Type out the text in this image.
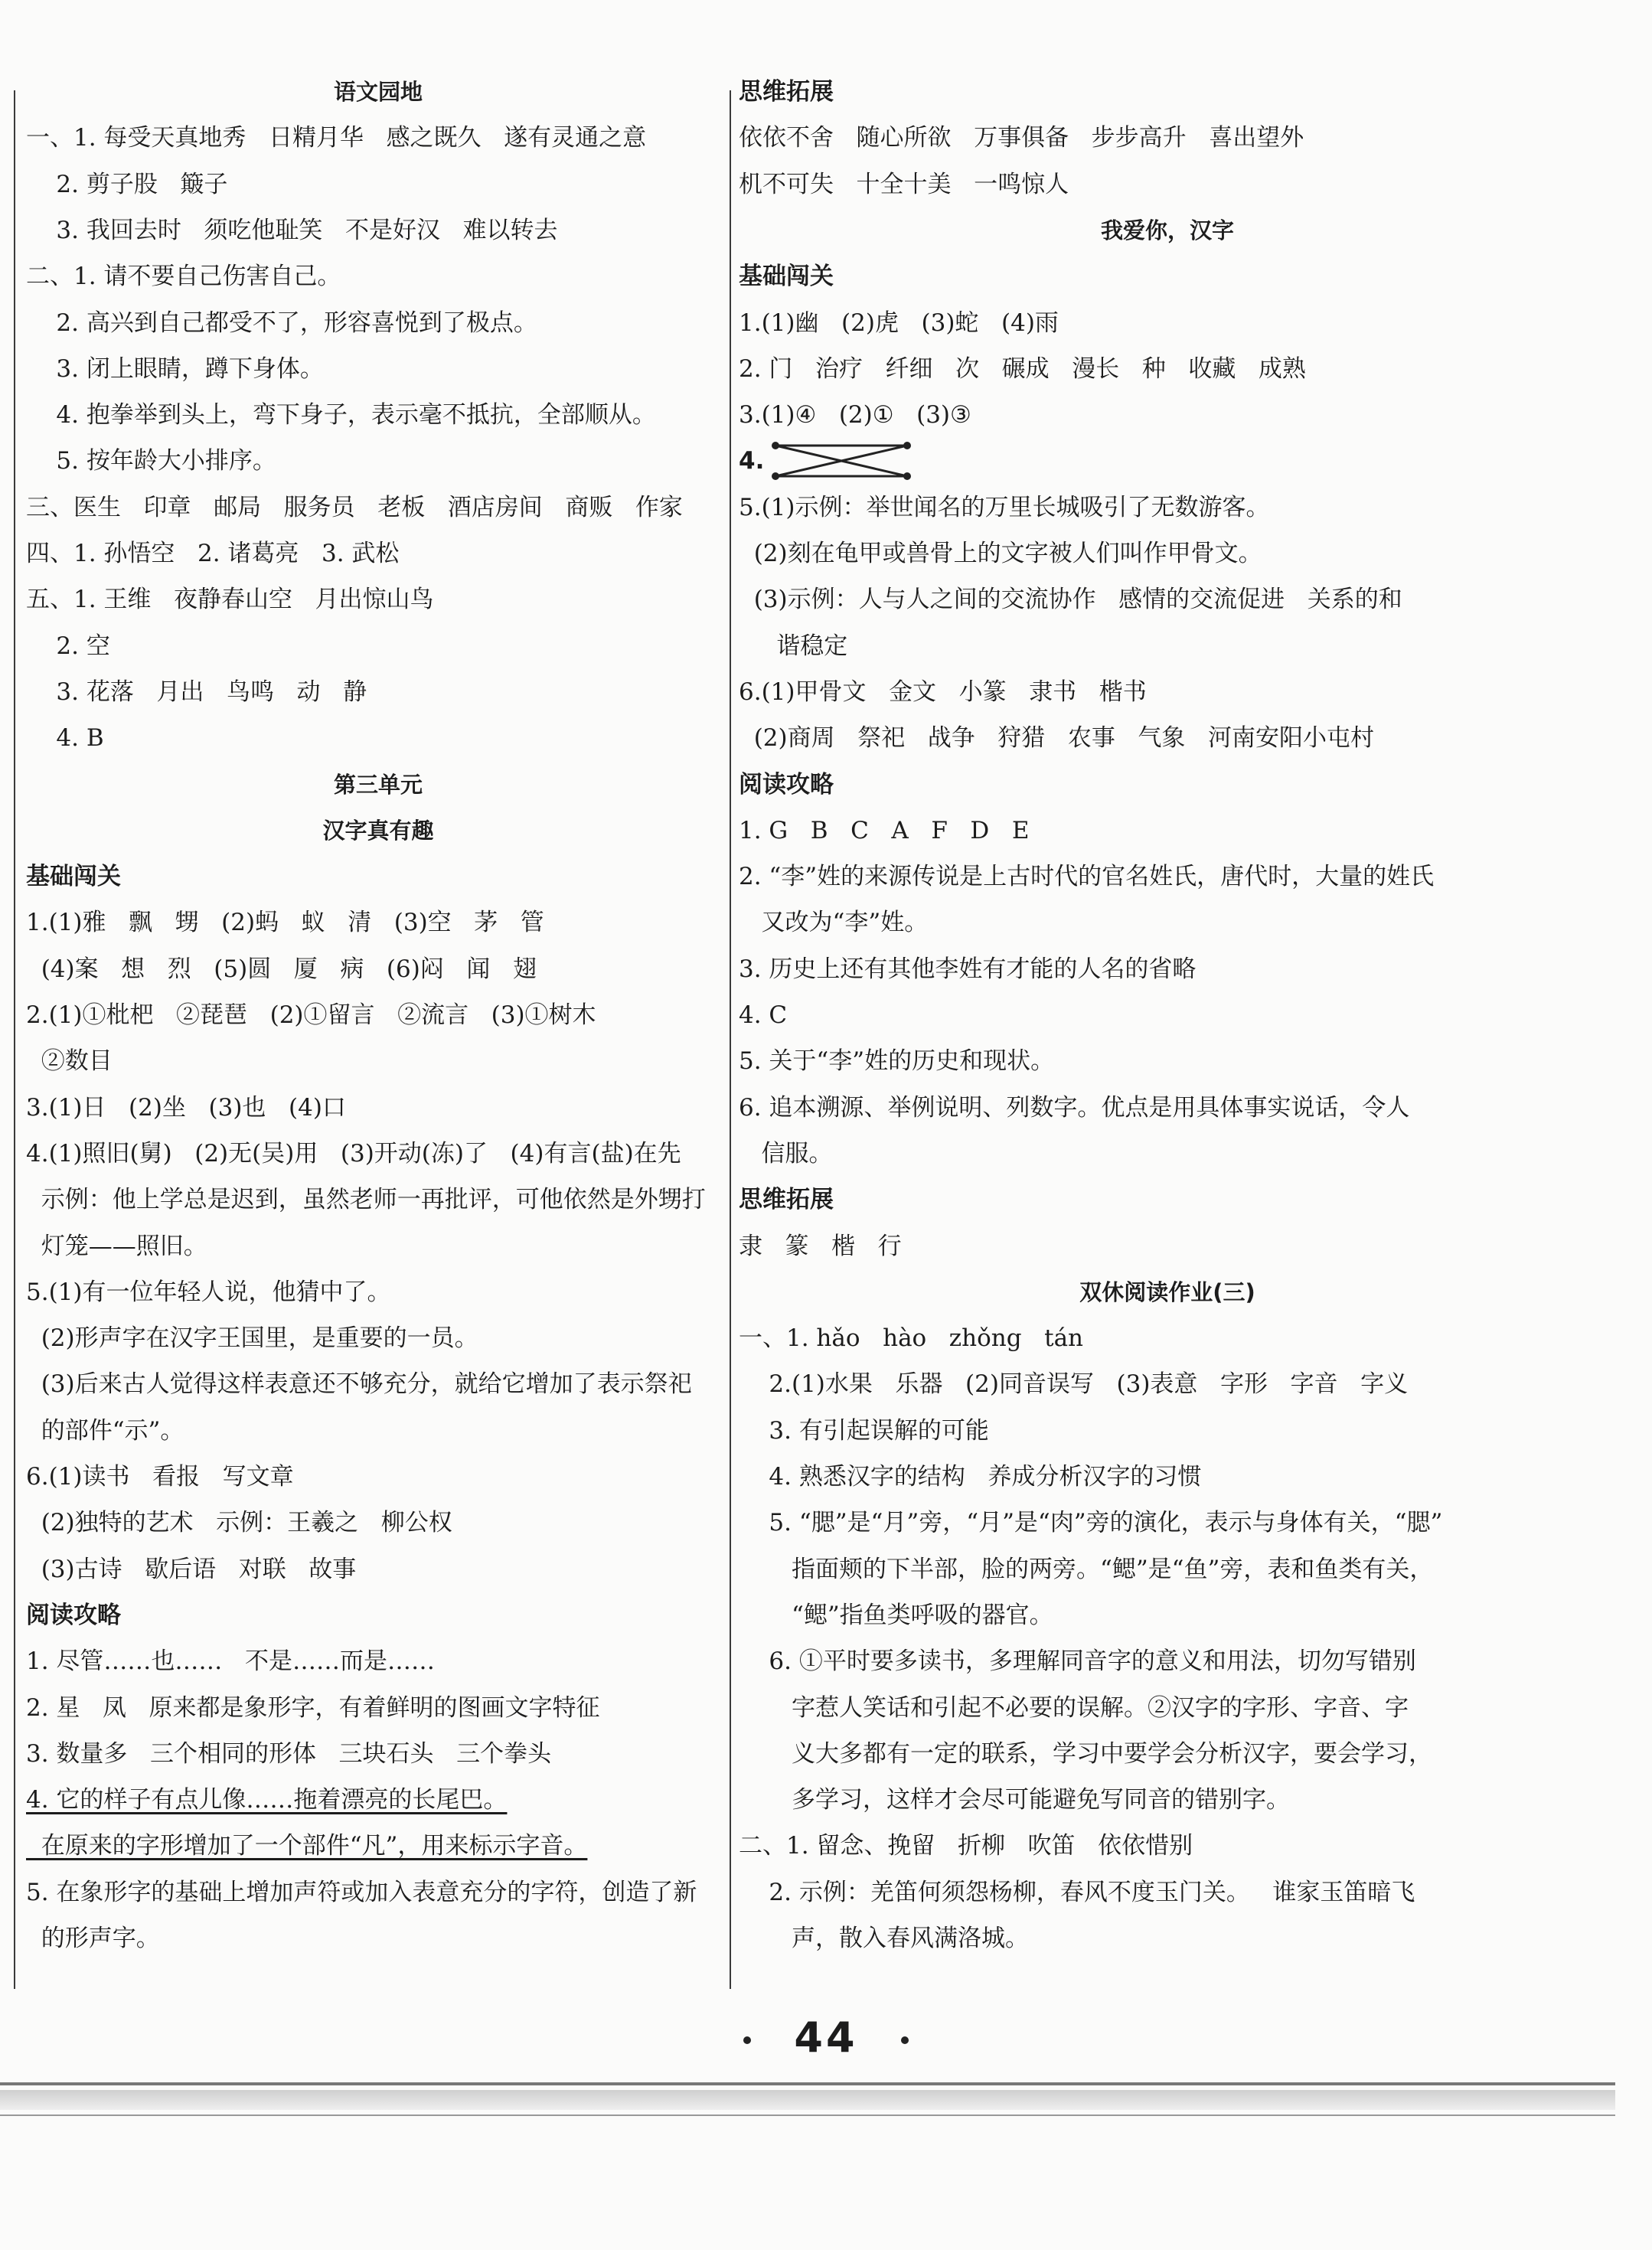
语文园地
一、1. 每受天真地秀   日精月华   感之既久   遂有灵通之意
2. 剪子股   簸子
3. 我回去时   须吃他耻笑   不是好汉   难以转去
二、1. 请不要自己伤害自己。
2. 高兴到自己都受不了，形容喜悦到了极点。
3. 闭上眼睛，蹲下身体。
4. 抱拳举到头上，弯下身子，表示毫不抵抗，全部顺从。
5. 按年龄大小排序。
三、医生   印章   邮局   服务员   老板   酒店房间   商贩   作家
四、1. 孙悟空   2. 诸葛亮   3. 武松
五、1. 王维   夜静春山空   月出惊山鸟
2. 空
3. 花落   月出   鸟鸣   动   静
4. B
第三单元
汉字真有趣
基础闯关
1.(1)雅   飘   甥   (2)蚂   蚁   清   (3)空   茅   管
(4)案   想   烈   (5)圆   厦   病   (6)闷   闻   翅
2.(1)①枇杷   ②琵琶   (2)①留言   ②流言   (3)①树木
②数目
3.(1)日   (2)坐   (3)也   (4)口
4.(1)照旧(舅)   (2)无(吴)用   (3)开动(冻)了   (4)有言(盐)在先
示例：他上学总是迟到，虽然老师一再批评，可他依然是外甥打
灯笼——照旧。
5.(1)有一位年轻人说，他猜中了。
(2)形声字在汉字王国里，是重要的一员。
(3)后来古人觉得这样表意还不够充分，就给它增加了表示祭祀
的部件“示”。
6.(1)读书   看报   写文章
(2)独特的艺术   示例：王羲之   柳公权
(3)古诗   歇后语   对联   故事
阅读攻略
1. 尽管……也……   不是……而是……
2. 星   凤   原来都是象形字，有着鲜明的图画文字特征
3. 数量多   三个相同的形体   三块石头   三个拳头
4. 它的样子有点儿像……拖着漂亮的长尾巴。
在原来的字形增加了一个部件“凡”，用来标示字音。
5. 在象形字的基础上增加声符或加入表意充分的字符，创造了新
的形声字。
思维拓展
依依不舍   随心所欲   万事俱备   步步高升   喜出望外
机不可失   十全十美   一鸣惊人
我爱你，汉字
基础闯关
1.(1)幽   (2)虎   (3)蛇   (4)雨
2. 门   治疗   纤细   次   碾成   漫长   种   收藏   成熟
3.(1)④   (2)①   (3)③
4.
5.(1)示例：举世闻名的万里长城吸引了无数游客。
(2)刻在龟甲或兽骨上的文字被人们叫作甲骨文。
(3)示例：人与人之间的交流协作   感情的交流促进   关系的和
谐稳定
6.(1)甲骨文   金文   小篆   隶书   楷书
(2)商周   祭祀   战争   狩猎   农事   气象   河南安阳小屯村
阅读攻略
1. G   B   C   A   F   D   E
2. “李”姓的来源传说是上古时代的官名姓氏，唐代时，大量的姓氏
又改为“李”姓。
3. 历史上还有其他李姓有才能的人名的省略
4. C
5. 关于“李”姓的历史和现状。
6. 追本溯源、举例说明、列数字。优点是用具体事实说话，令人
信服。
思维拓展
隶   篆   楷   行
双休阅读作业(三)
一、1. hǎo   hào   zhǒng   tán
2.(1)水果   乐器   (2)同音误写   (3)表意   字形   字音   字义
3. 有引起误解的可能
4. 熟悉汉字的结构   养成分析汉字的习惯
5. “腮”是“月”旁，“月”是“肉”旁的演化，表示与身体有关，“腮”
指面颊的下半部，脸的两旁。“鳃”是“鱼”旁，表和鱼类有关，
“鳃”指鱼类呼吸的器官。
6. ①平时要多读书，多理解同音字的意义和用法，切勿写错别
字惹人笑话和引起不必要的误解。②汉字的字形、字音、字
义大多都有一定的联系，学习中要学会分析汉字，要会学习，
多学习，这样才会尽可能避免写同音的错别字。
二、1. 留念、挽留   折柳   吹笛   依依惜别
2. 示例：羌笛何须怨杨柳，春风不度玉门关。   谁家玉笛暗飞
声，散入春风满洛城。
44
